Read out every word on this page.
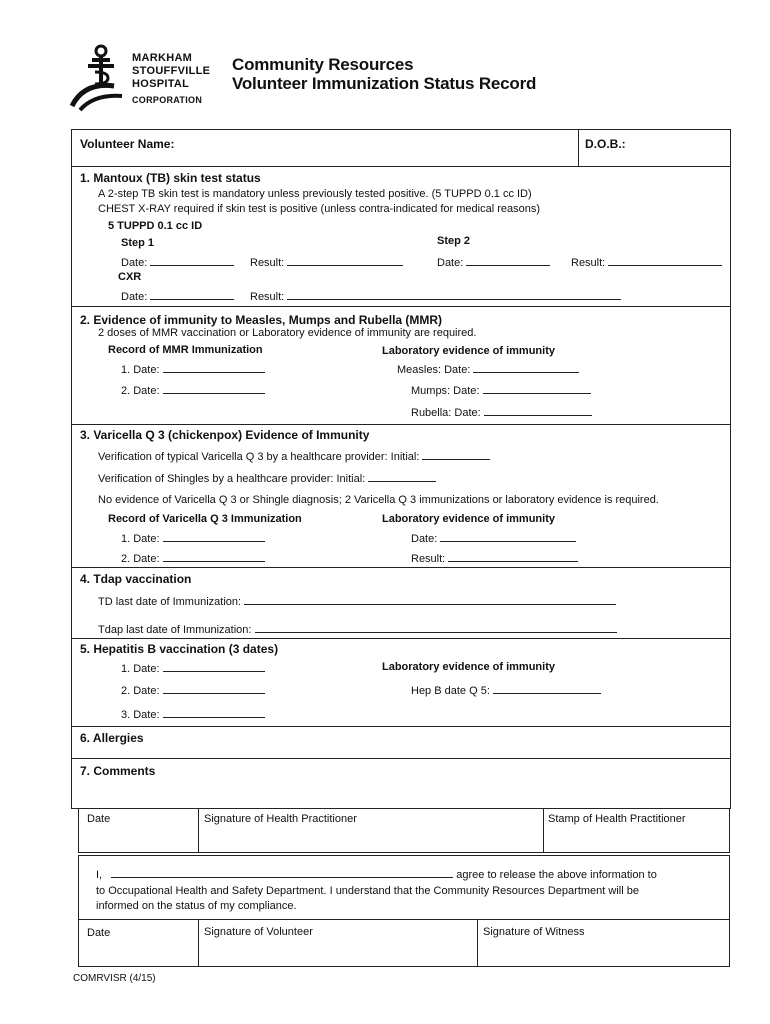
MARKHAM
STOUFFVILLE
HOSPITAL
CORPORATION
Community Resources
Volunteer Immunization Status Record
Volunteer Name:	D.O.B.:
1. Mantoux (TB) skin test status
A 2-step TB skin test is mandatory unless previously tested positive. (5 TUPPD 0.1 cc ID)
CHEST X-RAY required if skin test is positive (unless contra-indicated for medical reasons)
5 TUPPD 0.1 cc ID
Step 1	Step 2
Date:	Result:	Date:	Result:
CXR
Date:	Result:
2. Evidence of immunity to Measles, Mumps and Rubella (MMR)
2 doses of MMR vaccination or Laboratory evidence of immunity are required.
Record of MMR Immunization	Laboratory evidence of immunity
1. Date:	Measles: Date:
2. Date:	Mumps: Date:
Rubella: Date:
3. Varicella Q 3 (chickenpox) Evidence of Immunity
Verification of typical Varicella Q 3 by a healthcare provider: Initial:
Verification of Shingles by a healthcare provider: Initial:
No evidence of Varicella Q 3 or Shingle diagnosis; 2 Varicella Q 3 immunizations or laboratory evidence is required.
Record of Varicella Q 3 Immunization	Laboratory evidence of immunity
1. Date:	Date:
2. Date:	Result:
4. Tdap vaccination
TD last date of Immunization:
Tdap last date of Immunization:
5. Hepatitis B vaccination (3 dates)
1. Date:	Laboratory evidence of immunity
2. Date:	Hep B date Q 5:
3. Date:
6. Allergies
7. Comments
Date	Signature of Health Practitioner	Stamp of Health Practitioner
I,	agree to release the above information to
to Occupational Health and Safety Department. I understand that the Community Resources Department will be
informed on the status of my compliance.
Date	Signature of Volunteer	Signature of Witness
COMRVISR (4/15)
